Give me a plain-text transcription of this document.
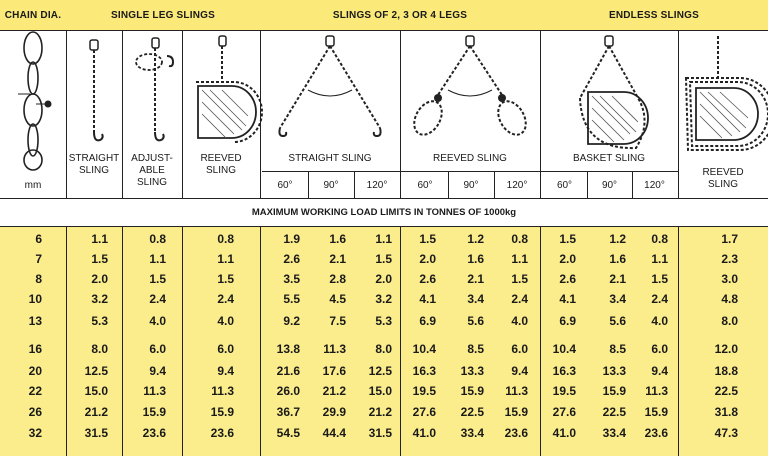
CHAIN DIA.	SINGLE LEG SLINGS	SLINGS OF 2, 3 OR 4 LEGS	ENDLESS SLINGS
mm
STRAIGHT
SLING
ADJUST-
ABLE
SLING
REEVED
SLING
STRAIGHT SLING	REEVED SLING	BASKET SLING
REEVED
SLING
60°	90°	120°	60°	90°	120°	60°	90°	120°
MAXIMUM WORKING LOAD LIMITS IN TONNES OF 1000kg
6	1.1	0.8	0.8	1.9	1.6	1.1	1.5	1.2	0.8	1.5	1.2	0.8	1.7
7	1.5	1.1	1.1	2.6	2.1	1.5	2.0	1.6	1.1	2.0	1.6	1.1	2.3
8	2.0	1.5	1.5	3.5	2.8	2.0	2.6	2.1	1.5	2.6	2.1	1.5	3.0
10	3.2	2.4	2.4	5.5	4.5	3.2	4.1	3.4	2.4	4.1	3.4	2.4	4.8
13	5.3	4.0	4.0	9.2	7.5	5.3	6.9	5.6	4.0	6.9	5.6	4.0	8.0
16	8.0	6.0	6.0	13.8	11.3	8.0	10.4	8.5	6.0	10.4	8.5	6.0	12.0
20	12.5	9.4	9.4	21.6	17.6	12.5	16.3	13.3	9.4	16.3	13.3	9.4	18.8
22	15.0	11.3	11.3	26.0	21.2	15.0	19.5	15.9	11.3	19.5	15.9	11.3	22.5
26	21.2	15.9	15.9	36.7	29.9	21.2	27.6	22.5	15.9	27.6	22.5	15.9	31.8
32	31.5	23.6	23.6	54.5	44.4	31.5	41.0	33.4	23.6	41.0	33.4	23.6	47.3
